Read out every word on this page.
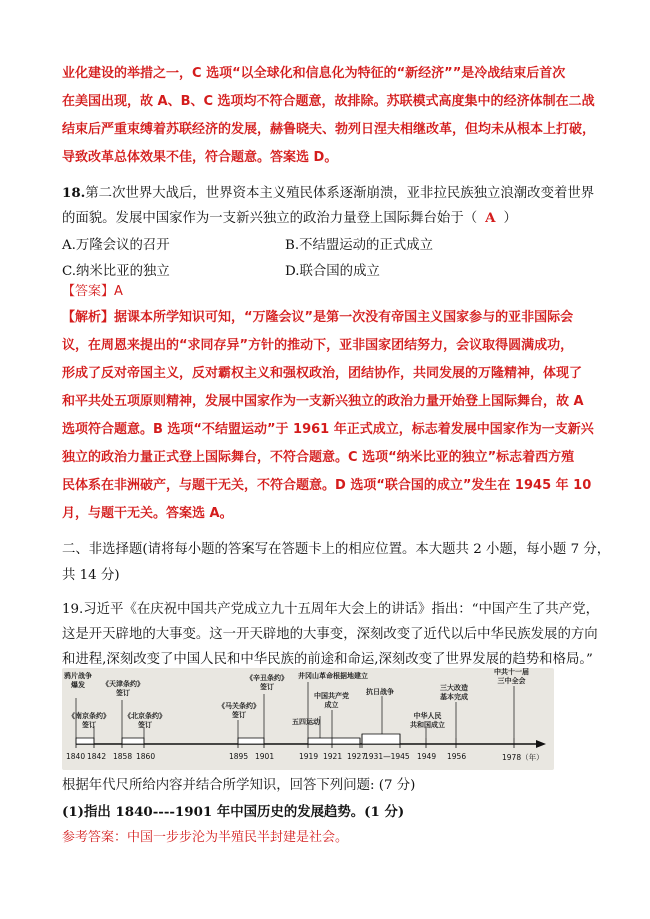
业化建设的举措之一，C 选项“以全球化和信息化为特征的“新经济””是冷战结束后首次
在美国出现，故 A、B、C 选项均不符合题意，故排除。苏联模式高度集中的经济体制在二战
结束后严重束缚着苏联经济的发展，赫鲁晓夫、勃列日涅夫相继改革，但均未从根本上打破，
导致改革总体效果不佳，符合题意。答案选 D。
18.第二次世界大战后，世界资本主义殖民体系逐渐崩溃，亚非拉民族独立浪潮改变着世界
的面貌。发展中国家作为一支新兴独立的政治力量登上国际舞台始于（ A ）
A.万隆会议的召开	B.不结盟运动的正式成立
C.纳米比亚的独立	D.联合国的成立
【答案】A
【解析】据课本所学知识可知，“万隆会议”是第一次没有帝国主义国家参与的亚非国际会
议，在周恩来提出的“求同存异”方针的推动下，亚非国家团结努力，会议取得圆满成功，
形成了反对帝国主义，反对霸权主义和强权政治，团结协作，共同发展的万隆精神，体现了
和平共处五项原则精神，发展中国家作为一支新兴独立的政治力量开始登上国际舞台，故 A
选项符合题意。B 选项“不结盟运动”于 1961 年正式成立，标志着发展中国家作为一支新兴
独立的政治力量正式登上国际舞台，不符合题意。C 选项“纳米比亚的独立”标志着西方殖
民体系在非洲破产，与题干无关，不符合题意。D 选项“联合国的成立”发生在 1945 年 10
月，与题干无关。答案选 A。
二、非选择题(请将每小题的答案写在答题卡上的相应位置。本大题共 2 小题，每小题 7 分，
共 14 分)
19.习近平《在庆祝中国共产党成立九十五周年大会上的讲话》指出：“中国产生了共产党，
这是开天辟地的大事变。这一开天辟地的大事变，深刻改变了近代以后中华民族发展的方向
和进程,深刻改变了中国人民和中华民族的前途和命运,深刻改变了世界发展的趋势和格局。”
鸦片战争
爆发
《南京条约》
签订
《天津条约》
签订
《北京条约》
签订
《马关条约》
签订
《辛丑条约》
签订
井冈山革命根据地建立
中国共产党
成立
五四运动
抗日战争
中华人民
共和国成立
三大改造
基本完成
中共十一届
三中全会
1840 1842 1858 1860	1895 1901	1919 1921 1927
1931—1945 1949 1956	1978（年）
根据年代尺所给内容并结合所学知识，回答下列问题: (7 分)
(1)指出 1840----1901 年中国历史的发展趋势。(1 分)
参考答案：中国一步步沦为半殖民半封建是社会。
